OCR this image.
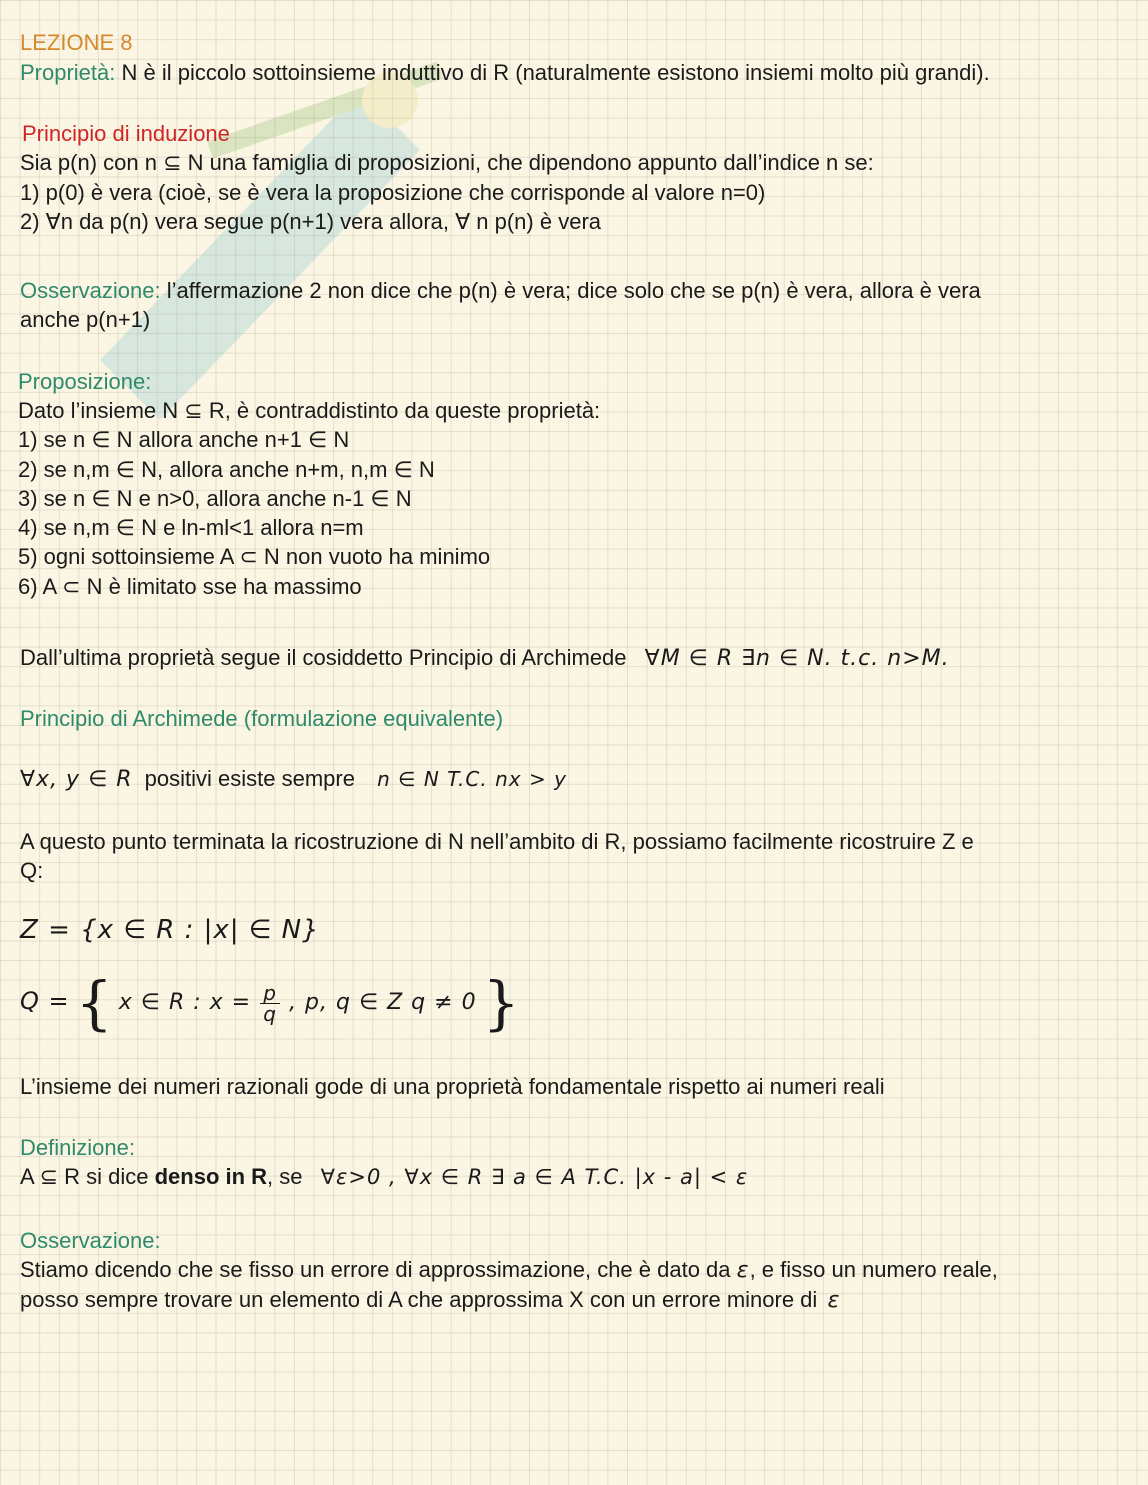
LEZIONE 8
Proprietà: N è il piccolo sottoinsieme induttivo di R (naturalmente esistono insiemi molto più grandi).
Principio di induzione
Sia p(n) con n ⊆ N una famiglia di proposizioni, che dipendono appunto dall’indice n se:
1) p(0) è vera (cioè, se è vera la proposizione che corrisponde al valore n=0)
2) ∀n da p(n) vera segue p(n+1) vera allora, ∀ n p(n) è vera
Osservazione: l’affermazione 2 non dice che p(n) è vera; dice solo che se p(n) è vera, allora è vera
anche p(n+1)
Proposizione:
Dato l’insieme N ⊆ R, è contraddistinto da queste proprietà:
1) se n ∈ N allora anche n+1 ∈ N
2) se n,m ∈ N, allora anche n+m, n,m ∈ N
3) se n ∈ N e n>0, allora anche n-1 ∈ N
4) se n,m ∈ N e ln-ml<1 allora n=m
5) ogni sottoinsieme A ⊂ N non vuoto ha minimo
6) A ⊂ N è limitato sse ha massimo
Dall’ultima proprietà segue il cosiddetto Principio di Archimede ∀M ∈ R ∃n ∈ N. t.c. n>M.
Principio di Archimede (formulazione equivalente)
∀x, y ∈ R positivi esiste sempre n ∈ N T.C. nx > y
A questo punto terminata la ricostruzione di N nell’ambito di R, possiamo facilmente ricostruire Z e
Q:
Z = {x ∈ R : |x| ∈ N}
Q = { x ∈ R : $x = \frac{p}{q}$ , p, q ∈ Z q ≠ 0 }
L’insieme dei numeri razionali gode di una proprietà fondamentale rispetto ai numeri reali
Definizione:
A ⊆ R si dice denso in R, se ∀ε>0 , ∀x ∈ R ∃ a ∈ A T.C. |x - a| < ε
Osservazione:
Stiamo dicendo che se fisso un errore di approssimazione, che è dato da ε, e fisso un numero reale,
posso sempre trovare un elemento di A che approssima X con un errore minore di ε
